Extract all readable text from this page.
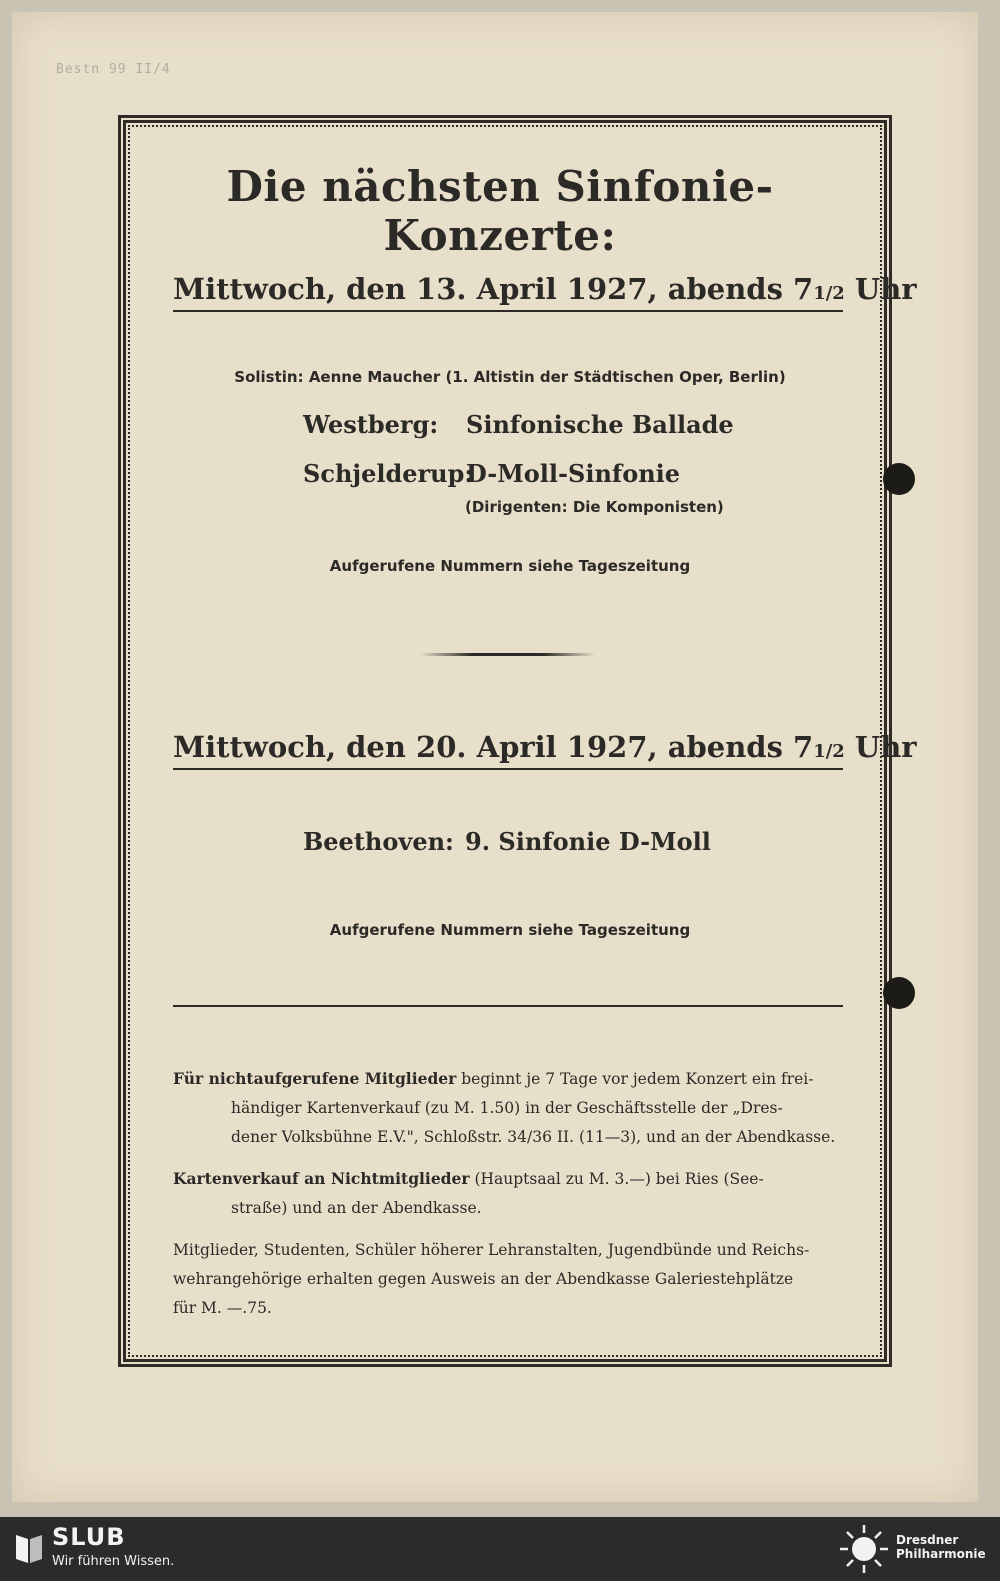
Bestn 99 II/4
Die nächsten Sinfonie-Konzerte:
Mittwoch, den 13. April 1927, abends 71/2 Uhr
Solistin: Aenne Maucher (1. Altistin der Städtischen Oper, Berlin)
Westberg: Sinfonische Ballade
Schjelderup:
D-Moll-Sinfonie
(Dirigenten: Die Komponisten)
Aufgerufene Nummern siehe Tageszeitung
Mittwoch, den 20. April 1927, abends 71/2 Uhr
Beethoven: 9. Sinfonie D-Moll
Aufgerufene Nummern siehe Tageszeitung
Für nichtaufgerufene Mitglieder beginnt je 7 Tage vor jedem Konzert ein frei-
händiger Kartenverkauf (zu M. 1.50) in der Geschäftsstelle der „Dres-
dener Volksbühne E.V.", Schloßstr. 34/36 II. (11—3), und an der Abendkasse.
Kartenverkauf an Nichtmitglieder (Hauptsaal zu M. 3.—) bei Ries (See-
straße) und an der Abendkasse.
Mitglieder, Studenten, Schüler höherer Lehranstalten, Jugendbünde und Reichs-
wehrangehörige erhalten gegen Ausweis an der Abendkasse Galeriestehplätze
für M. —.75.
SLUB
Wir führen Wissen.
Dresdner
Philharmonie
